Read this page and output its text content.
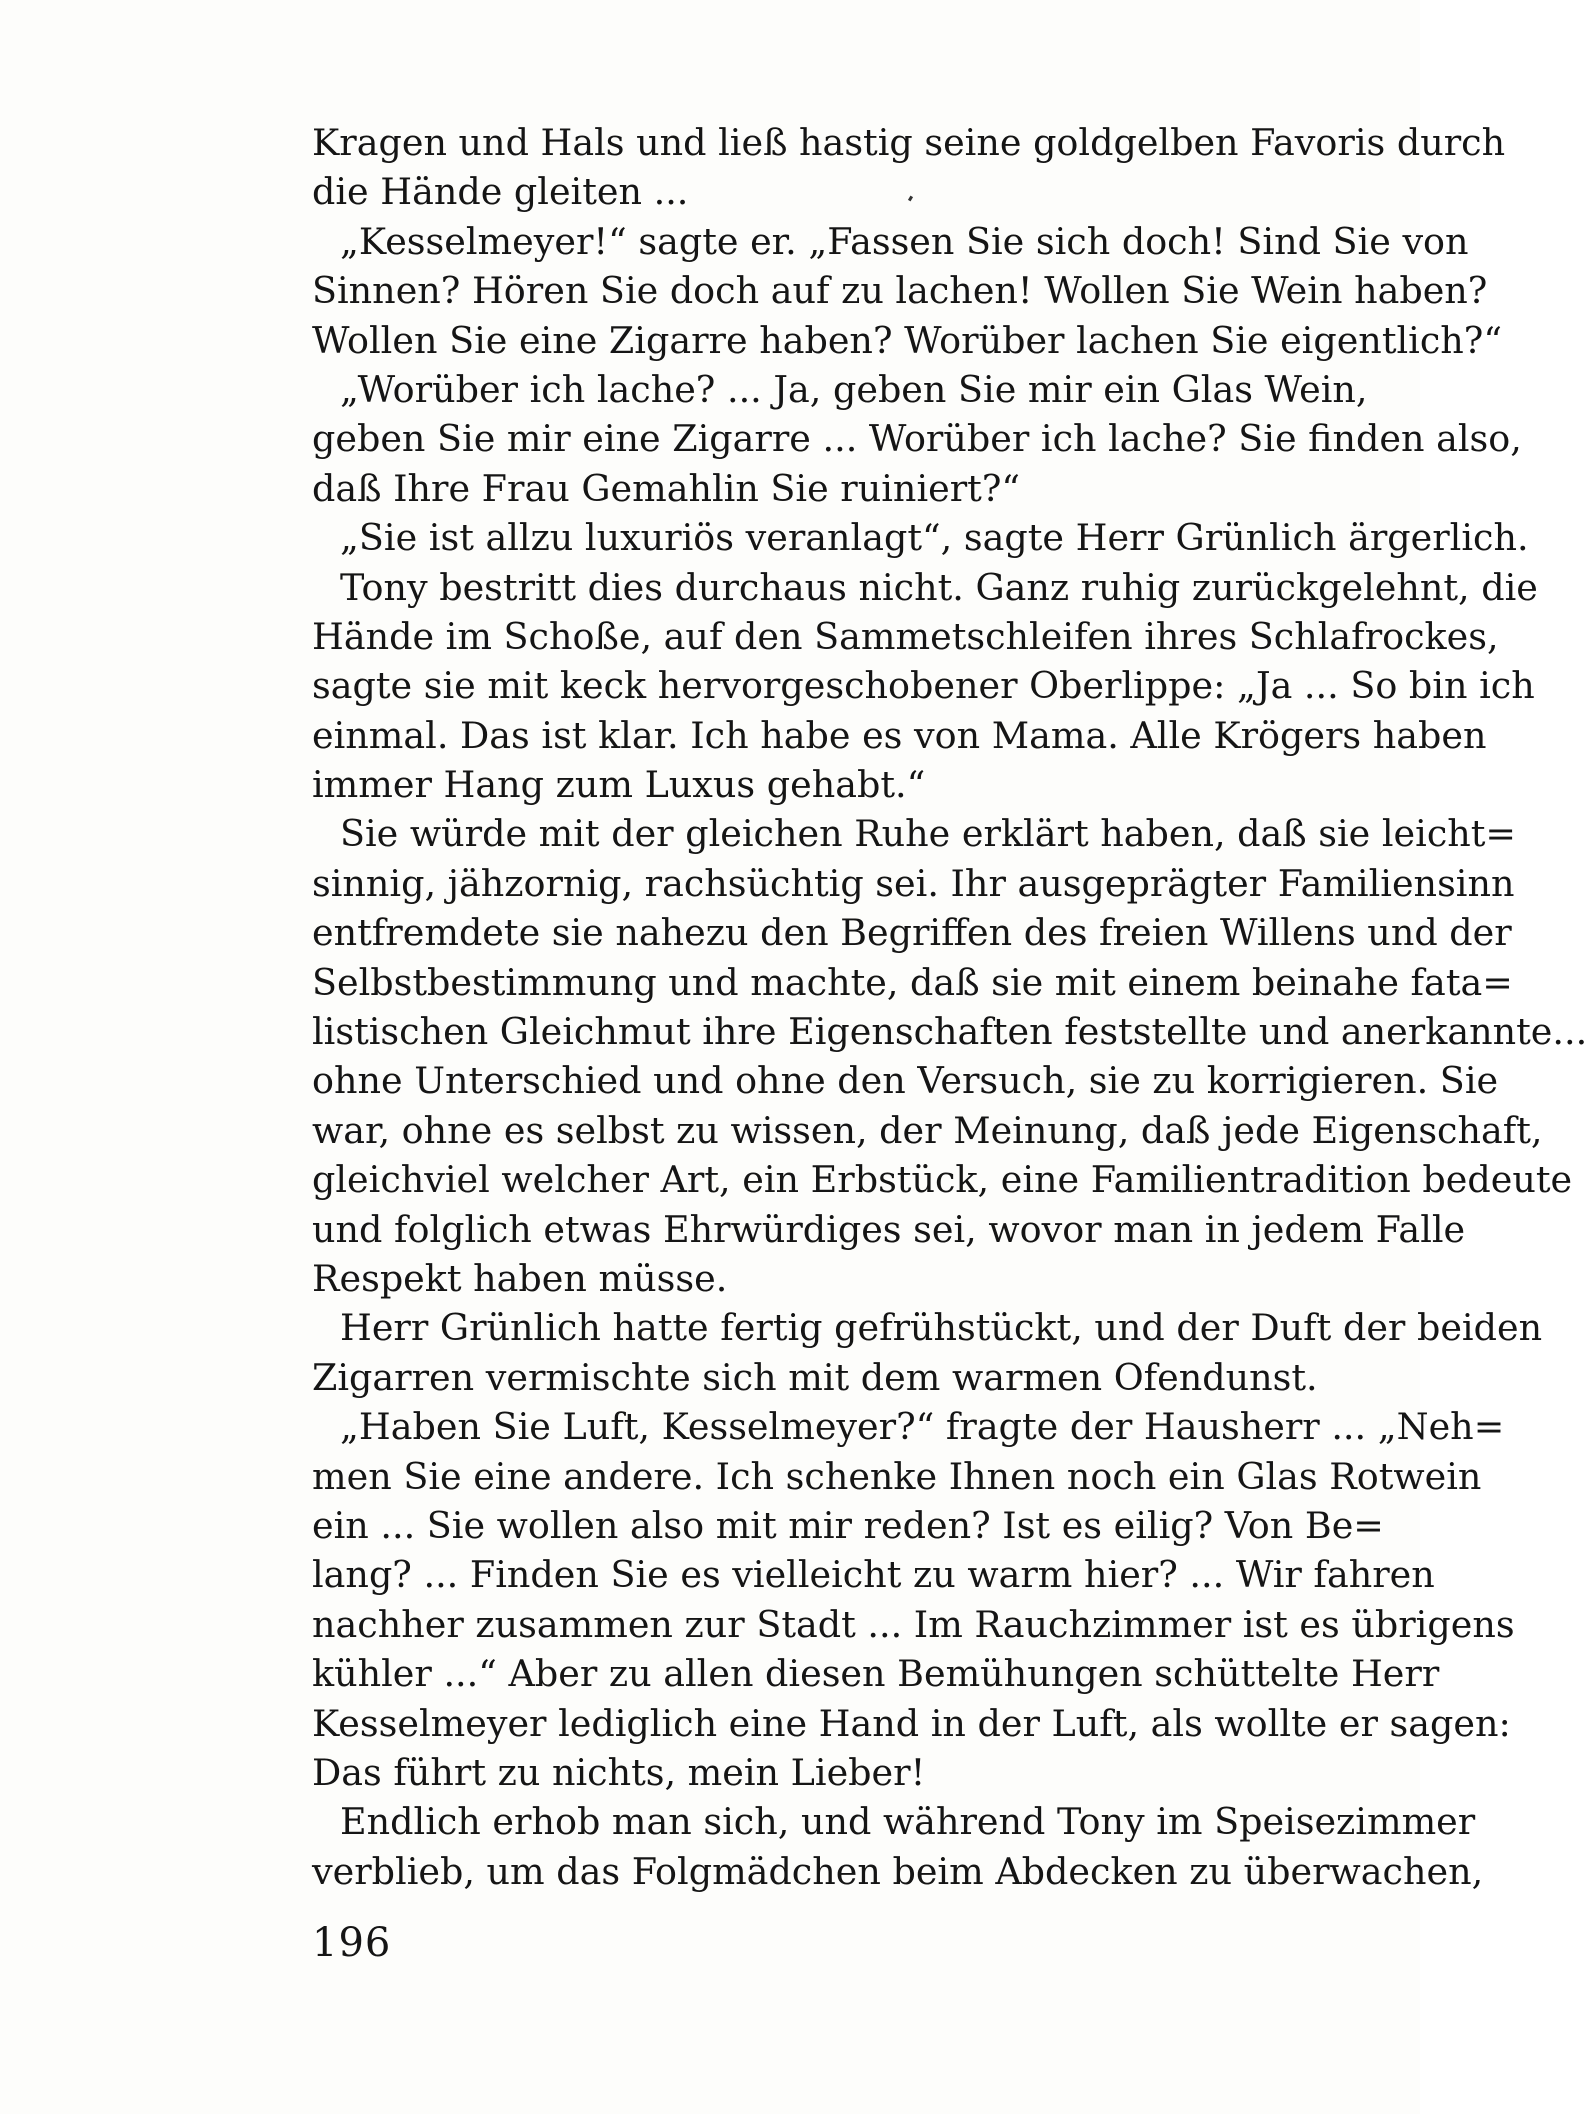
Kragen und Hals und ließ hastig seine goldgelben Favoris durch
die Hände gleiten ...
„Kesselmeyer!“ sagte er. „Fassen Sie sich doch! Sind Sie von
Sinnen? Hören Sie doch auf zu lachen! Wollen Sie Wein haben?
Wollen Sie eine Zigarre haben? Worüber lachen Sie eigentlich?“
„Worüber ich lache? ... Ja, geben Sie mir ein Glas Wein,
geben Sie mir eine Zigarre ... Worüber ich lache? Sie finden also,
daß Ihre Frau Gemahlin Sie ruiniert?“
„Sie ist allzu luxuriös veranlagt“, sagte Herr Grünlich ärgerlich.
Tony bestritt dies durchaus nicht. Ganz ruhig zurückgelehnt, die
Hände im Schoße, auf den Sammetschleifen ihres Schlafrockes,
sagte sie mit keck hervorgeschobener Oberlippe: „Ja ... So bin ich
einmal. Das ist klar. Ich habe es von Mama. Alle Krögers haben
immer Hang zum Luxus gehabt.“
Sie würde mit der gleichen Ruhe erklärt haben, daß sie leicht=
sinnig, jähzornig, rachsüchtig sei. Ihr ausgeprägter Familiensinn
entfremdete sie nahezu den Begriffen des freien Willens und der
Selbstbestimmung und machte, daß sie mit einem beinahe fata=
listischen Gleichmut ihre Eigenschaften feststellte und anerkannte...
ohne Unterschied und ohne den Versuch, sie zu korrigieren. Sie
war, ohne es selbst zu wissen, der Meinung, daß jede Eigenschaft,
gleichviel welcher Art, ein Erbstück, eine Familientradition bedeute
und folglich etwas Ehrwürdiges sei, wovor man in jedem Falle
Respekt haben müsse.
Herr Grünlich hatte fertig gefrühstückt, und der Duft der beiden
Zigarren vermischte sich mit dem warmen Ofendunst.
„Haben Sie Luft, Kesselmeyer?“ fragte der Hausherr ... „Neh=
men Sie eine andere. Ich schenke Ihnen noch ein Glas Rotwein
ein ... Sie wollen also mit mir reden? Ist es eilig? Von Be=
lang? ... Finden Sie es vielleicht zu warm hier? ... Wir fahren
nachher zusammen zur Stadt ... Im Rauchzimmer ist es übrigens
kühler ...“ Aber zu allen diesen Bemühungen schüttelte Herr
Kesselmeyer lediglich eine Hand in der Luft, als wollte er sagen:
Das führt zu nichts, mein Lieber!
Endlich erhob man sich, und während Tony im Speisezimmer
verblieb, um das Folgmädchen beim Abdecken zu überwachen,
196
